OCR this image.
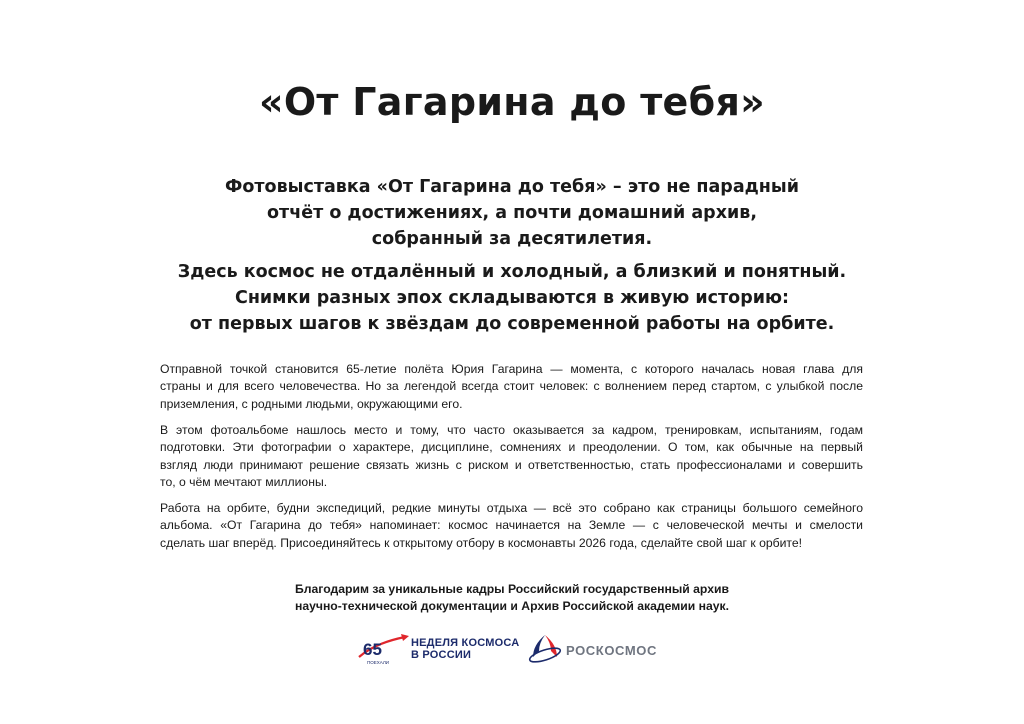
«От Гагарина до тебя»
Фотовыставка «От Гагарина до тебя» – это не парадный
отчёт о достижениях, а почти домашний архив,
собранный за десятилетия.
Здесь космос не отдалённый и холодный, а близкий и понятный.
Снимки разных эпох складываются в живую историю:
от первых шагов к звёздам до современной работы на орбите.
Отправной точкой становится 65-летие полёта Юрия Гагарина — момента, с которого началась новая глава для
страны и для всего человечества. Но за легендой всегда стоит человек: с волнением перед стартом, с улыбкой после
приземления, с родными людьми, окружающими его.
В этом фотоальбоме нашлось место и тому, что часто оказывается за кадром, тренировкам, испытаниям, годам
подготовки. Эти фотографии о характере, дисциплине, сомнениях и преодолении. О том, как обычные на первый
взгляд люди принимают решение связать жизнь с риском и ответственностью, стать профессионалами и совершить
то, о чём мечтают миллионы.
Работа на орбите, будни экспедиций, редкие минуты отдыха — всё это собрано как страницы большого семейного
альбома. «От Гагарина до тебя» напоминает: космос начинается на Земле — с человеческой мечты и смелости
сделать шаг вперёд. Присоединяйтесь к открытому отбору в космонавты 2026 года, сделайте свой шаг к орбите!
Благодарим за уникальные кадры Российский государственный архив
научно-технической документации и Архив Российской академии наук.
65
ПОЕХАЛИ
НЕДЕЛЯ КОСМОСА
В РОССИИ	РОСКОСМОС
